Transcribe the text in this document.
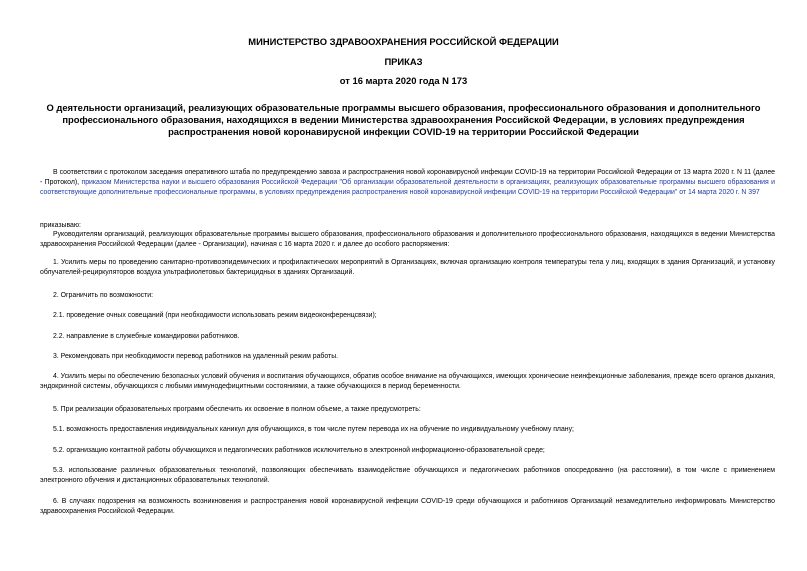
МИНИСТЕРСТВО ЗДРАВООХРАНЕНИЯ РОССИЙСКОЙ ФЕДЕРАЦИИ
ПРИКАЗ
от 16 марта 2020 года N 173
О деятельности организаций, реализующих образовательные программы высшего образования, профессионального образования и дополнительного профессионального образования, находящихся в ведении Министерства здравоохранения Российской Федерации, в условиях предупреждения распространения новой коронавирусной инфекции COVID-19 на территории Российской Федерации

В соответствии с протоколом заседания оперативного штаба по предупреждению завоза и распространения новой коронавирусной инфекции COVID-19 на территории Российской Федерации от 13 марта 2020 г. N 11 (далее - Протокол), приказом Министерства науки и высшего образования Российской Федерации "Об организации образовательной деятельности в организациях, реализующих образовательные программы высшего образования и соответствующие дополнительные профессиональные программы, в условиях предупреждения распространения новой коронавирусной инфекции COVID-19 на территории Российской Федерации" от 14 марта 2020 г. N 397

приказываю:

Руководителям организаций, реализующих образовательные программы высшего образования, профессионального образования и дополнительного профессионального образования, находящихся в ведении Министерства здравоохранения Российской Федерации (далее - Организации), начиная с 16 марта 2020 г. и далее до особого распоряжения:

1. Усилить меры по проведению санитарно-противоэпидемических и профилактических мероприятий в Организациях, включая организацию контроля температуры тела у лиц, входящих в здания Организаций, и установку облучателей-рециркуляторов воздуха ультрафиолетовых бактерицидных в зданиях Организаций.

2. Ограничить по возможности:

2.1. проведение очных совещаний (при необходимости использовать режим видеоконференцсвязи);

2.2. направление в служебные командировки работников.

3. Рекомендовать при необходимости перевод работников на удаленный режим работы.

4. Усилить меры по обеспечению безопасных условий обучения и воспитания обучающихся, обратив особое внимание на обучающихся, имеющих хронические неинфекционные заболевания, прежде всего органов дыхания, эндокринной системы, обучающихся с любыми иммунодефицитными состояниями, а также обучающихся в период беременности.

5. При реализации образовательных программ обеспечить их освоение в полном объеме, а также предусмотреть:

5.1. возможность предоставления индивидуальных каникул для обучающихся, в том числе путем перевода их на обучение по индивидуальному учебному плану;

5.2. организацию контактной работы обучающихся и педагогических работников исключительно в электронной информационно-образовательной среде;

5.3. использование различных образовательных технологий, позволяющих обеспечивать взаимодействие обучающихся и педагогических работников опосредованно (на расстоянии), в том числе с применением электронного обучения и дистанционных образовательных технологий.

6. В случаях подозрения на возможность возникновения и распространения новой коронавирусной инфекции COVID-19 среди обучающихся и работников Организаций незамедлительно информировать Министерство здравоохранения Российской Федерации.
